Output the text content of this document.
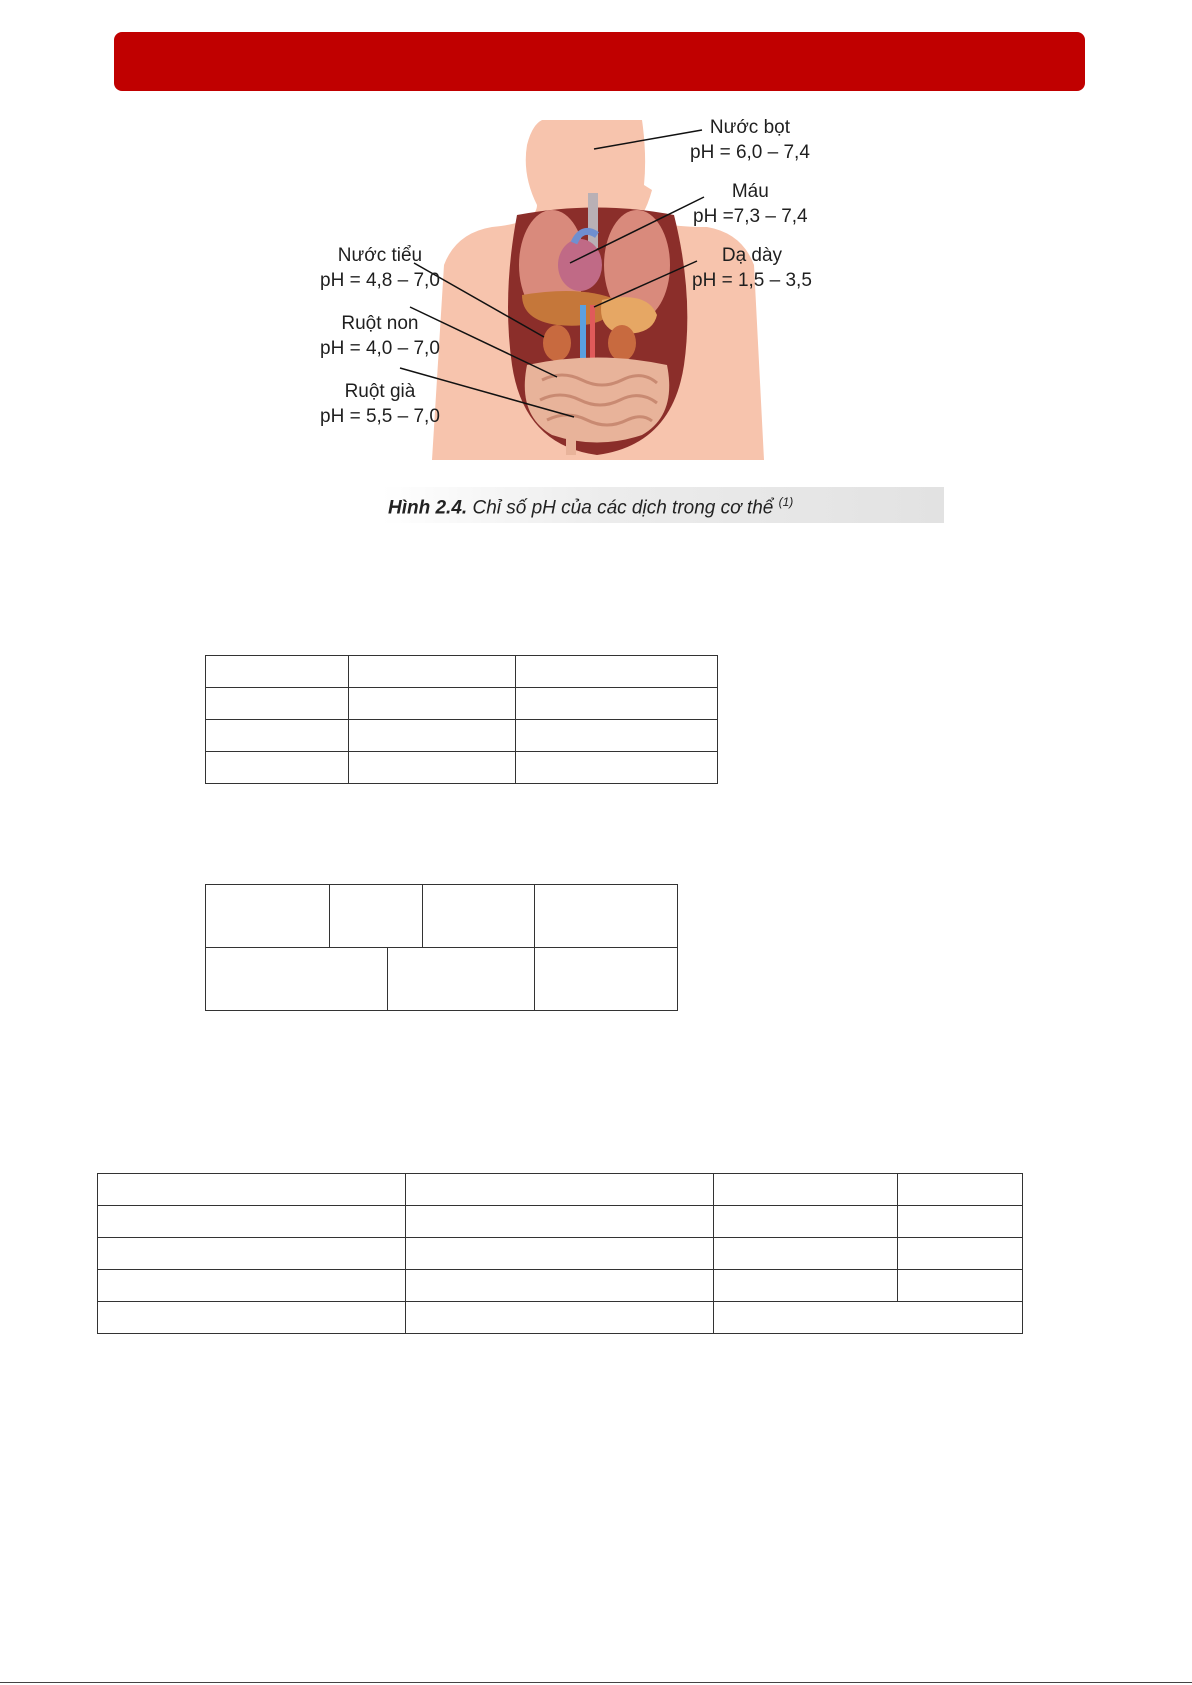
Nước bọt
pH = 6,0 – 7,4
Máu
pH =7,3 – 7,4
Dạ dày
pH = 1,5 – 3,5
Nước tiểu
pH = 4,8 – 7,0
Ruột non
pH = 4,0 – 7,0
Ruột già
pH = 5,5 – 7,0
Hình 2.4. Chỉ số pH của các dịch trong cơ thể $^{(1)}$
